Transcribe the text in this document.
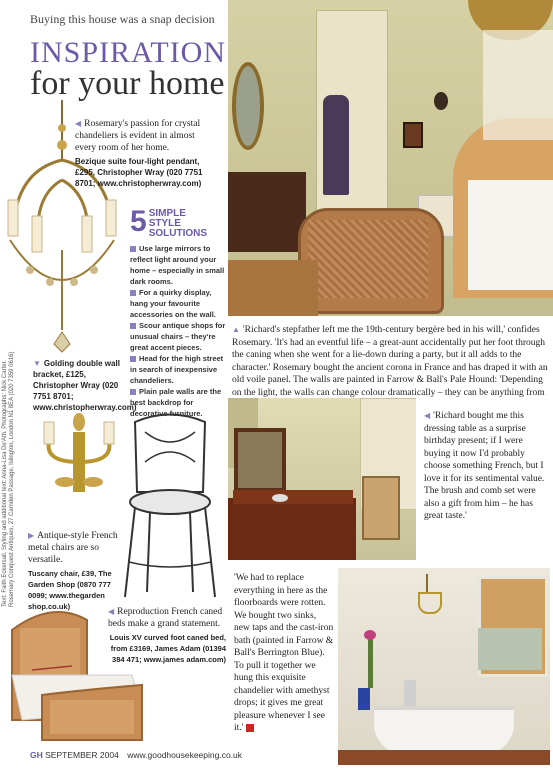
Buying this house was a snap decision
INSPIRATION
for your home
◀ Rosemary's passion for crystal chandeliers is evident in almost every room of her home.
Bezique suite four-light pendant, £295, Christopher Wray (020 7751 8701; www.christopherwray.com)
5 SIMPLE
STYLE
SOLUTIONS
Use large mirrors to reflect light around your home – especially in small dark rooms.
For a quirky display, hang your favourite accessories on the wall.
Scour antique shops for unusual chairs – they're great accent pieces.
Head for the high street in search of inexpensive chandeliers.
Plain pale walls are the best backdrop for decorative furniture.
Text: Faith Eckersall. Styling and additional text: Anna-Lisa De'Ath. Photographs: Nick Carter. Rosemary Conquest Antiques, 27 Camden Passage, Islington, London N1 8EA (020 7359 0616) ▼ Golding double wall bracket, £125, Christopher Wray (020 7751 8701; www.christopherwray.com)
▶ Antique-style French metal chairs are so versatile.
Tuscany chair, £39, The Garden Shop (0870 777 0099; www.thegarden shop.co.uk)
◀ Reproduction French caned beds make a grand statement.
Louis XV curved foot caned bed, from £3169, James Adam (01394 384 471; www.james adam.com)
▲ 'Richard's stepfather left me the 19th-century bergère bed in his will,' confides Rosemary. 'It's had an eventful life – a great-aunt accidentally put her foot through the caning when she went for a lie-down during a party, but it all adds to the character.' Rosemary bought the ancient corona in France and has draped it with an old voile panel. The walls are painted in Farrow & Ball's Pale Hound: 'Depending on the light, the walls can change colour dramatically – they can be anything from
◀ 'Richard bought me this dressing table as a surprise birthday present; if I were buying it now I'd probably choose something French, but I love it for its sentimental value. The brush and comb set were also a gift from him – he has great taste.'
'We had to replace everything in here as the floorboards were rotten. We bought two sinks, new taps and the cast-iron bath (painted in Farrow & Ball's Berrington Blue). To pull it together we hung this exquisite chandelier with amethyst drops; it gives me great pleasure whenever I see it.'
GH SEPTEMBER 2004 www.goodhousekeeping.co.uk
